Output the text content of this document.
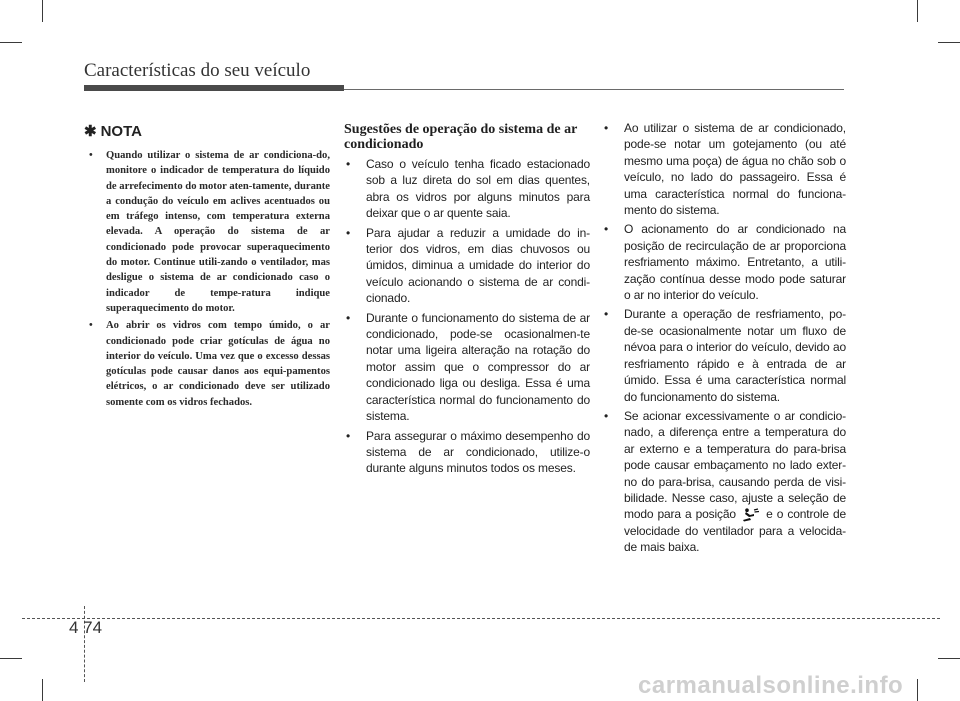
Características do seu veículo
✱ NOTA
• Quando utilizar o sistema de ar condiciona-do, monitore o indicador de temperatura do líquido de arrefecimento do motor aten-tamente, durante a condução do veículo em aclives acentuados ou em tráfego intenso, com temperatura externa elevada. A operação do sistema de ar condicionado pode provocar superaquecimento do motor. Continue utili-zando o ventilador, mas desligue o sistema de ar condicionado caso o indicador de tempe-ratura indique superaquecimento do motor.
• Ao abrir os vidros com tempo úmido, o ar condicionado pode criar gotículas de água no interior do veículo. Uma vez que o excesso dessas gotículas pode causar danos aos equi-pamentos elétricos, o ar condicionado deve ser utilizado somente com os vidros fechados.
Sugestões de operação do sistema de ar condicionado
• Caso o veículo tenha ficado estacionado sob a luz direta do sol em dias quentes, abra os vidros por alguns minutos para deixar que o ar quente saia.
• Para ajudar a reduzir a umidade do in-terior dos vidros, em dias chuvosos ou úmidos, diminua a umidade do interior do veículo acionando o sistema de ar condi-cionado.
• Durante o funcionamento do sistema de ar condicionado, pode-se ocasionalmen-te notar uma ligeira alteração na rotação do motor assim que o compressor do ar condicionado liga ou desliga. Essa é uma característica normal do funcionamento do sistema.
• Para assegurar o máximo desempenho do sistema de ar condicionado, utilize-o durante alguns minutos todos os meses.
• Ao utilizar o sistema de ar condicionado, pode-se notar um gotejamento (ou até mesmo uma poça) de água no chão sob o veículo, no lado do passageiro. Essa é uma característica normal do funciona-mento do sistema.
• O acionamento do ar condicionado na posição de recirculação de ar proporciona resfriamento máximo. Entretanto, a utili-zação contínua desse modo pode saturar o ar no interior do veículo.
• Durante a operação de resfriamento, po-de-se ocasionalmente notar um fluxo de névoa para o interior do veículo, devido ao resfriamento rápido e à entrada de ar úmido. Essa é uma característica normal do funcionamento do sistema.
• Se acionar excessivamente o ar condicio-nado, a diferença entre a temperatura do ar externo e a temperatura do para-brisa pode causar embaçamento no lado exter-no do para-brisa, causando perda de visi-bilidade. Nesse caso, ajuste a seleção de modo para a posição	e o controle de velocidade do ventilador para a velocida-de mais baixa.
4 74
carmanualsonline.info
